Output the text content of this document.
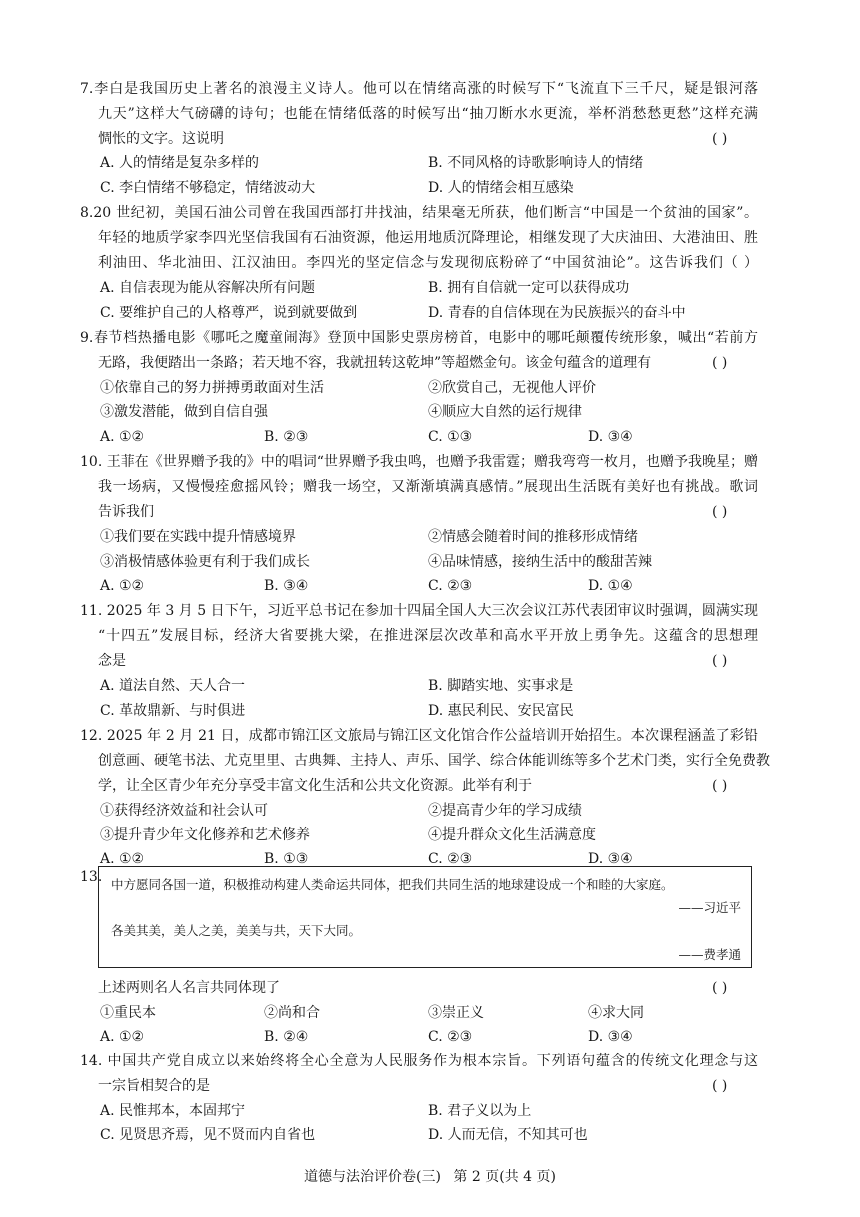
7.李白是我国历史上著名的浪漫主义诗人。他可以在情绪高涨的时候写下“飞流直下三千尺，疑是银河落
九天”这样大气磅礴的诗句；也能在情绪低落的时候写出“抽刀断水水更流，举杯消愁愁更愁”这样充满
惆怅的文字。这说明	( )
A. 人的情绪是复杂多样的	B. 不同风格的诗歌影响诗人的情绪
C. 李白情绪不够稳定，情绪波动大	D. 人的情绪会相互感染
8.20 世纪初，美国石油公司曾在我国西部打井找油，结果毫无所获，他们断言“中国是一个贫油的国家”。
年轻的地质学家李四光坚信我国有石油资源，他运用地质沉降理论，相继发现了大庆油田、大港油田、胜
利油田、华北油田、江汉油田。李四光的坚定信念与发现彻底粉碎了“中国贫油论”。这告诉我们（ ）
A. 自信表现为能从容解决所有问题	B. 拥有自信就一定可以获得成功
C. 要维护自己的人格尊严，说到就要做到	D. 青春的自信体现在为民族振兴的奋斗中
9.春节档热播电影《哪吒之魔童闹海》登顶中国影史票房榜首，电影中的哪吒颠覆传统形象，喊出“若前方
无路，我便踏出一条路；若天地不容，我就扭转这乾坤”等超燃金句。该金句蕴含的道理有	( )
①依靠自己的努力拼搏勇敢面对生活	②欣赏自己，无视他人评价
③激发潜能，做到自信自强	④顺应大自然的运行规律
A. ①②	B. ②③	C. ①③	D. ③④
10. 王菲在《世界赠予我的》中的唱词“世界赠予我虫鸣，也赠予我雷霆；赠我弯弯一枚月，也赠予我晚星；赠
我一场病，又慢慢痊愈摇风铃；赠我一场空，又渐渐填满真感情。”展现出生活既有美好也有挑战。歌词
告诉我们	( )
①我们要在实践中提升情感境界	②情感会随着时间的推移形成情绪
③消极情感体验更有利于我们成长	④品味情感，接纳生活中的酸甜苦辣
A. ①②	B. ③④	C. ②③	D. ①④
11. 2025 年 3 月 5 日下午，习近平总书记在参加十四届全国人大三次会议江苏代表团审议时强调，圆满实现
“十四五”发展目标，经济大省要挑大梁，在推进深层次改革和高水平开放上勇争先。这蕴含的思想理
念是	( )
A. 道法自然、天人合一	B. 脚踏实地、实事求是
C. 革故鼎新、与时俱进	D. 惠民利民、安民富民
12. 2025 年 2 月 21 日，成都市锦江区文旅局与锦江区文化馆合作公益培训开始招生。本次课程涵盖了彩铅
创意画、硬笔书法、尤克里里、古典舞、主持人、声乐、国学、综合体能训练等多个艺术门类，实行全免费教
学，让全区青少年充分享受丰富文化生活和公共文化资源。此举有利于	( )
①获得经济效益和社会认可	②提高青少年的学习成绩
③提升青少年文化修养和艺术修养	④提升群众文化生活满意度
A. ①②	B. ①③	C. ②③	D. ③④
13. 中方愿同各国一道，积极推动构建人类命运共同体，把我们共同生活的地球建设成一个和睦的大家庭。
——习近平
各美其美，美人之美，美美与共，天下大同。
——费孝通
上述两则名人名言共同体现了	( )
①重民本	②尚和合	③崇正义	④求大同
A. ①②	B. ②④	C. ②③	D. ③④
14. 中国共产党自成立以来始终将全心全意为人民服务作为根本宗旨。下列语句蕴含的传统文化理念与这
一宗旨相契合的是	( )
A. 民惟邦本，本固邦宁	B. 君子义以为上
C. 见贤思齐焉，见不贤而内自省也	D. 人而无信，不知其可也
道德与法治评价卷(三) 第 2 页(共 4 页)
